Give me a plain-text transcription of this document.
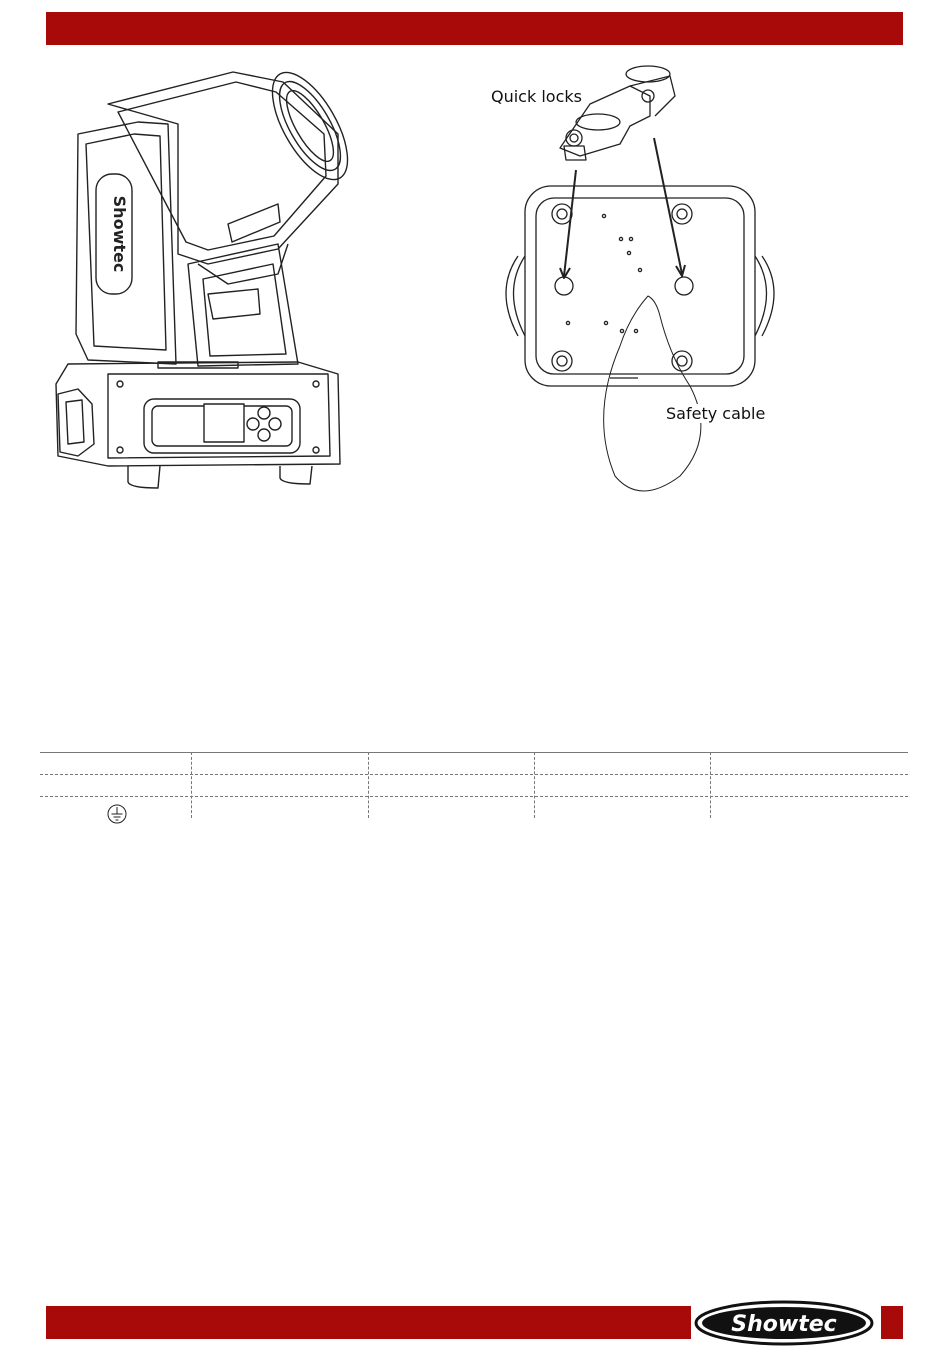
Showtec
Quick locks
Safety cable
Showtec
